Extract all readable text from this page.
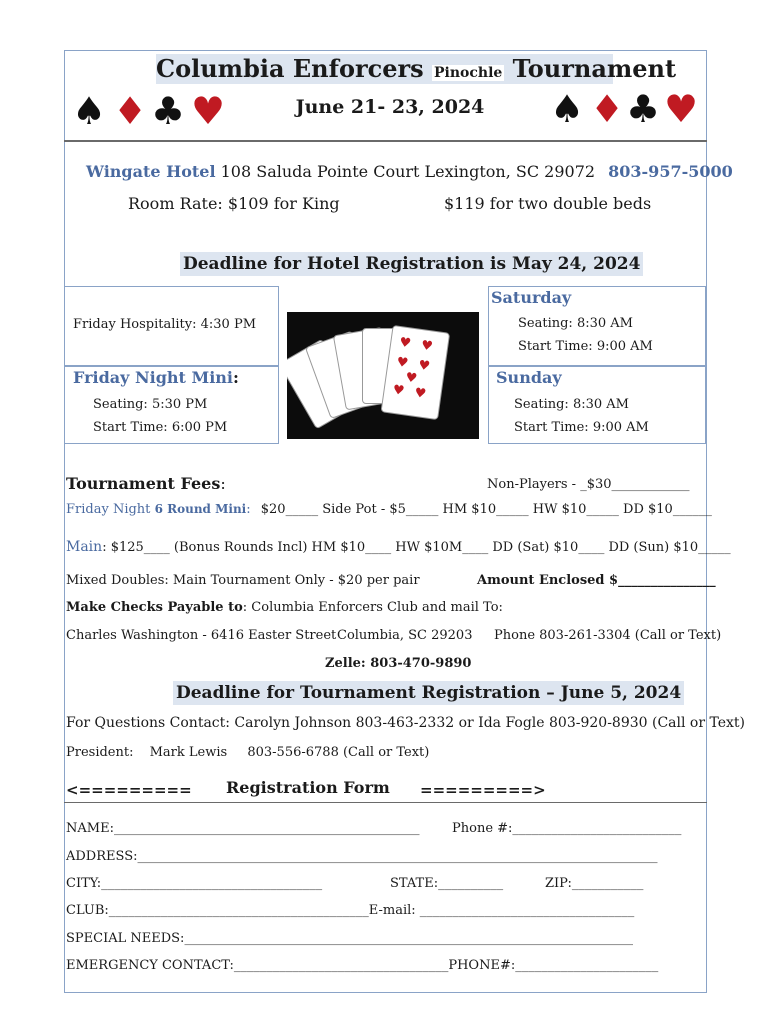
Columbia Enforcers Pinochle Tournament
♠ ♦ ♣ ♥	June 21- 23, 2024	♠ ♦ ♣ ♥
Wingate Hotel 108 Saluda Pointe Court Lexington, SC 29072 803-957-5000
Room Rate: $109 for King	$119 for two double beds
Deadline for Hotel Registration is May 24, 2024
Friday Hospitality: 4:30 PM
Friday Night Mini:
Seating: 5:30 PM
Start Time: 6:00 PM
Saturday
Seating: 8:30 AM
Start Time: 9:00 AM
Sunday
Seating: 8:30 AM
Start Time: 9:00 AM
♥ ♥
♥ ♥
♥
♥ ♥
Tournament Fees:	Non-Players - _$30____________
Friday Night 6 Round Mini: $20_____ Side Pot - $5_____ HM $10_____ HW $10_____ DD $10______
Main: $125____ (Bonus Rounds Incl) HM $10____ HW $10M____ DD (Sat) $10____ DD (Sun) $10_____
Mixed Doubles: Main Tournament Only - $20 per pair	Amount Enclosed $_______________
Make Checks Payable to: Columbia Enforcers Club and mail To:
Charles Washington - 6416 Easter Street Columbia, SC 29203 Phone 803-261-3304 (Call or Text)
Zelle: 803-470-9890
Deadline for Tournament Registration – June 5, 2024
For Questions Contact: Carolyn Johnson 803-463-2332 or Ida Fogle 803-920-8930 (Call or Text)
President: Mark Lewis 803-556-6788 (Call or Text)
<========= Registration Form =========>
NAME:_______________________________________________	Phone #:__________________________
ADDRESS:________________________________________________________________________________
CITY:__________________________________	STATE:__________	ZIP:___________
CLUB:________________________________________E-mail: _________________________________
SPECIAL NEEDS:_____________________________________________________________________
EMERGENCY CONTACT:_________________________________PHONE#:______________________
